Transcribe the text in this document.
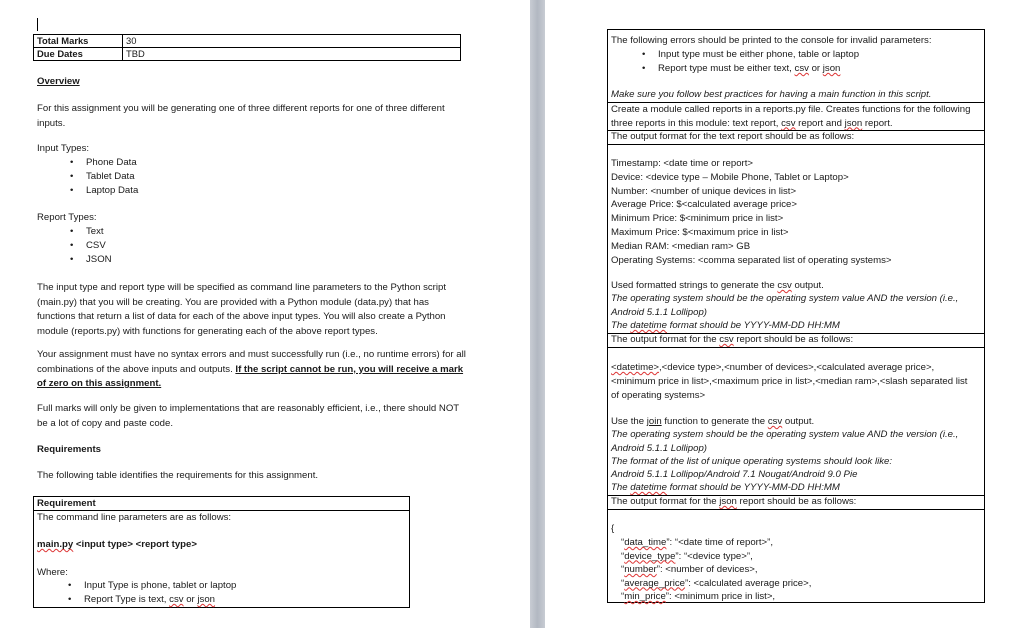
Total Marks	30
Due Dates	TBD
Overview
For this assignment you will be generating one of three different reports for one of three different inputs.
Input Types:
• Phone Data
• Tablet Data
• Laptop Data
Report Types:
• Text
• CSV
• JSON
The input type and report type will be specified as command line parameters to the Python script (main.py) that you will be creating. You are provided with a Python module (data.py) that has functions that return a list of data for each of the above input types. You will also create a Python module (reports.py) with functions for generating each of the above report types.
Your assignment must have no syntax errors and must successfully run (i.e., no runtime errors) for all combinations of the above inputs and outputs. If the script cannot be run, you will receive a mark of zero on this assignment.
Full marks will only be given to implementations that are reasonably efficient, i.e., there should NOT be a lot of copy and paste code.
Requirements
The following table identifies the requirements for this assignment.
Requirement
The command line parameters are as follows:
main.py <input type> <report type>
Where:
• Input Type is phone, tablet or laptop
• Report Type is text, csv or json
The following errors should be printed to the console for invalid parameters:
• Input type must be either phone, table or laptop
• Report type must be either text, csv or json
Make sure you follow best practices for having a main function in this script.
Create a module called reports in a reports.py file. Creates functions for the following three reports in this module: text report, csv report and json report.
The output format for the text report should be as follows:
Timestamp: <date time or report>
Device: <device type – Mobile Phone, Tablet or Laptop>
Number: <number of unique devices in list>
Average Price: $<calculated average price>
Minimum Price: $<minimum price in list>
Maximum Price: $<maximum price in list>
Median RAM: <median ram> GB
Operating Systems: <comma separated list of operating systems>
Used formatted strings to generate the csv output.
The operating system should be the operating system value AND the version (i.e., Android 5.1.1 Lollipop)
The datetime format should be YYYY-MM-DD HH:MM
The output format for the csv report should be as follows:
<datetime>,<device type>,<number of devices>,<calculated average price>,<minimum price in list>,<maximum price in list>,<median ram>,<slash separated list of operating systems>
Use the join function to generate the csv output.
The operating system should be the operating system value AND the version (i.e., Android 5.1.1 Lollipop)
The format of the list of unique operating systems should look like:
Android 5.1.1 Lollipop/Android 7.1 Nougat/Android 9.0 Pie
The datetime format should be YYYY-MM-DD HH:MM
The output format for the json report should be as follows:
{
“data_time”: “<date time of report>”,
“device_type”: “<device type>”,
“number”: <number of devices>,
“average_price”: <calculated average price>,
“min_price”: <minimum price in list>,
